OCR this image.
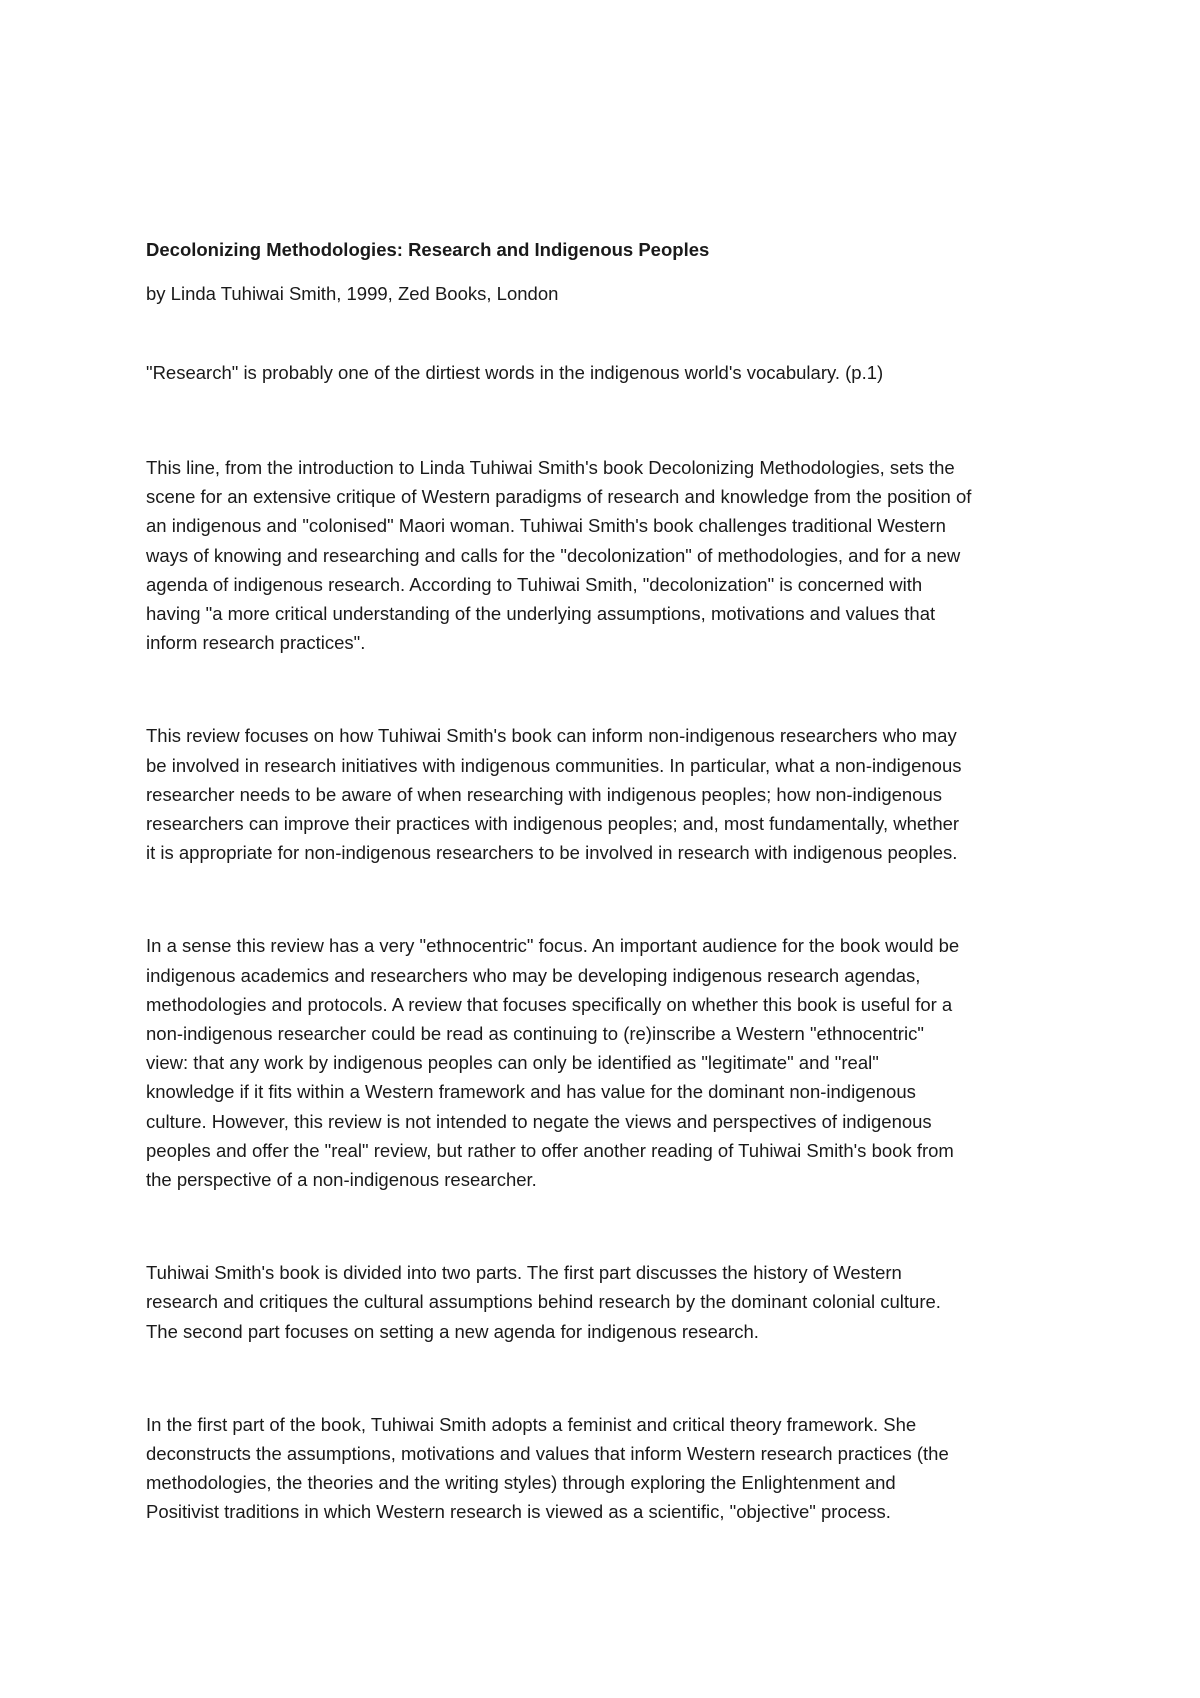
Decolonizing Methodologies: Research and Indigenous Peoples

by Linda Tuhiwai Smith, 1999, Zed Books, London

"Research" is probably one of the dirtiest words in the indigenous world's vocabulary. (p.1)

This line, from the introduction to Linda Tuhiwai Smith's book Decolonizing Methodologies, sets the
scene for an extensive critique of Western paradigms of research and knowledge from the position of
an indigenous and "colonised" Maori woman. Tuhiwai Smith's book challenges traditional Western
ways of knowing and researching and calls for the "decolonization" of methodologies, and for a new
agenda of indigenous research. According to Tuhiwai Smith, "decolonization" is concerned with
having "a more critical understanding of the underlying assumptions, motivations and values that
inform research practices".

This review focuses on how Tuhiwai Smith's book can inform non-indigenous researchers who may
be involved in research initiatives with indigenous communities. In particular, what a non-indigenous
researcher needs to be aware of when researching with indigenous peoples; how non-indigenous
researchers can improve their practices with indigenous peoples; and, most fundamentally, whether
it is appropriate for non-indigenous researchers to be involved in research with indigenous peoples.

In a sense this review has a very "ethnocentric" focus. An important audience for the book would be
indigenous academics and researchers who may be developing indigenous research agendas,
methodologies and protocols. A review that focuses specifically on whether this book is useful for a
non-indigenous researcher could be read as continuing to (re)inscribe a Western "ethnocentric"
view: that any work by indigenous peoples can only be identified as "legitimate" and "real"
knowledge if it fits within a Western framework and has value for the dominant non-indigenous
culture. However, this review is not intended to negate the views and perspectives of indigenous
peoples and offer the "real" review, but rather to offer another reading of Tuhiwai Smith's book from
the perspective of a non-indigenous researcher.

Tuhiwai Smith's book is divided into two parts. The first part discusses the history of Western
research and critiques the cultural assumptions behind research by the dominant colonial culture.
The second part focuses on setting a new agenda for indigenous research.

In the first part of the book, Tuhiwai Smith adopts a feminist and critical theory framework. She
deconstructs the assumptions, motivations and values that inform Western research practices (the
methodologies, the theories and the writing styles) through exploring the Enlightenment and
Positivist traditions in which Western research is viewed as a scientific, "objective" process.
